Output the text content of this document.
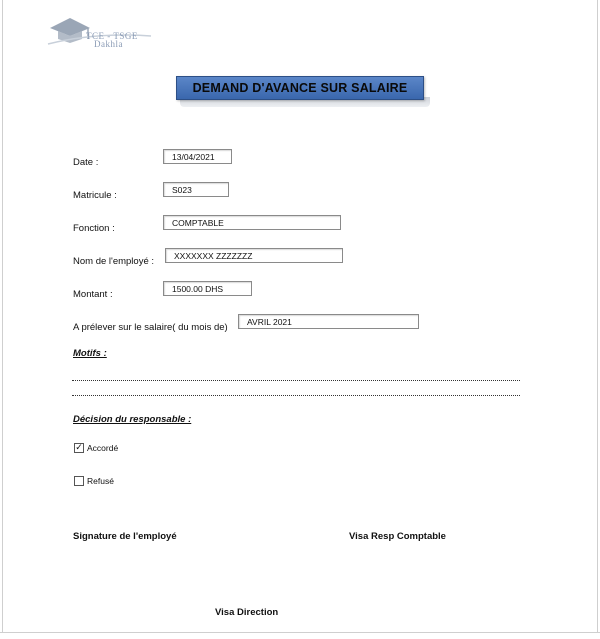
TCE - TSGE
Dakhla
DEMAND D'AVANCE SUR SALAIRE
Date :	13/04/2021
Matricule :	S023
Fonction :	COMPTABLE
Nom de l'employé :	XXXXXXX ZZZZZZZ
Montant :	1500.00 DHS
A prélever sur le salaire( du mois de)	AVRIL 2021
Motifs :
Décision du responsable :
✓ Accordé
Refusé
Signature de l'employé	Visa Resp Comptable
Visa Direction
